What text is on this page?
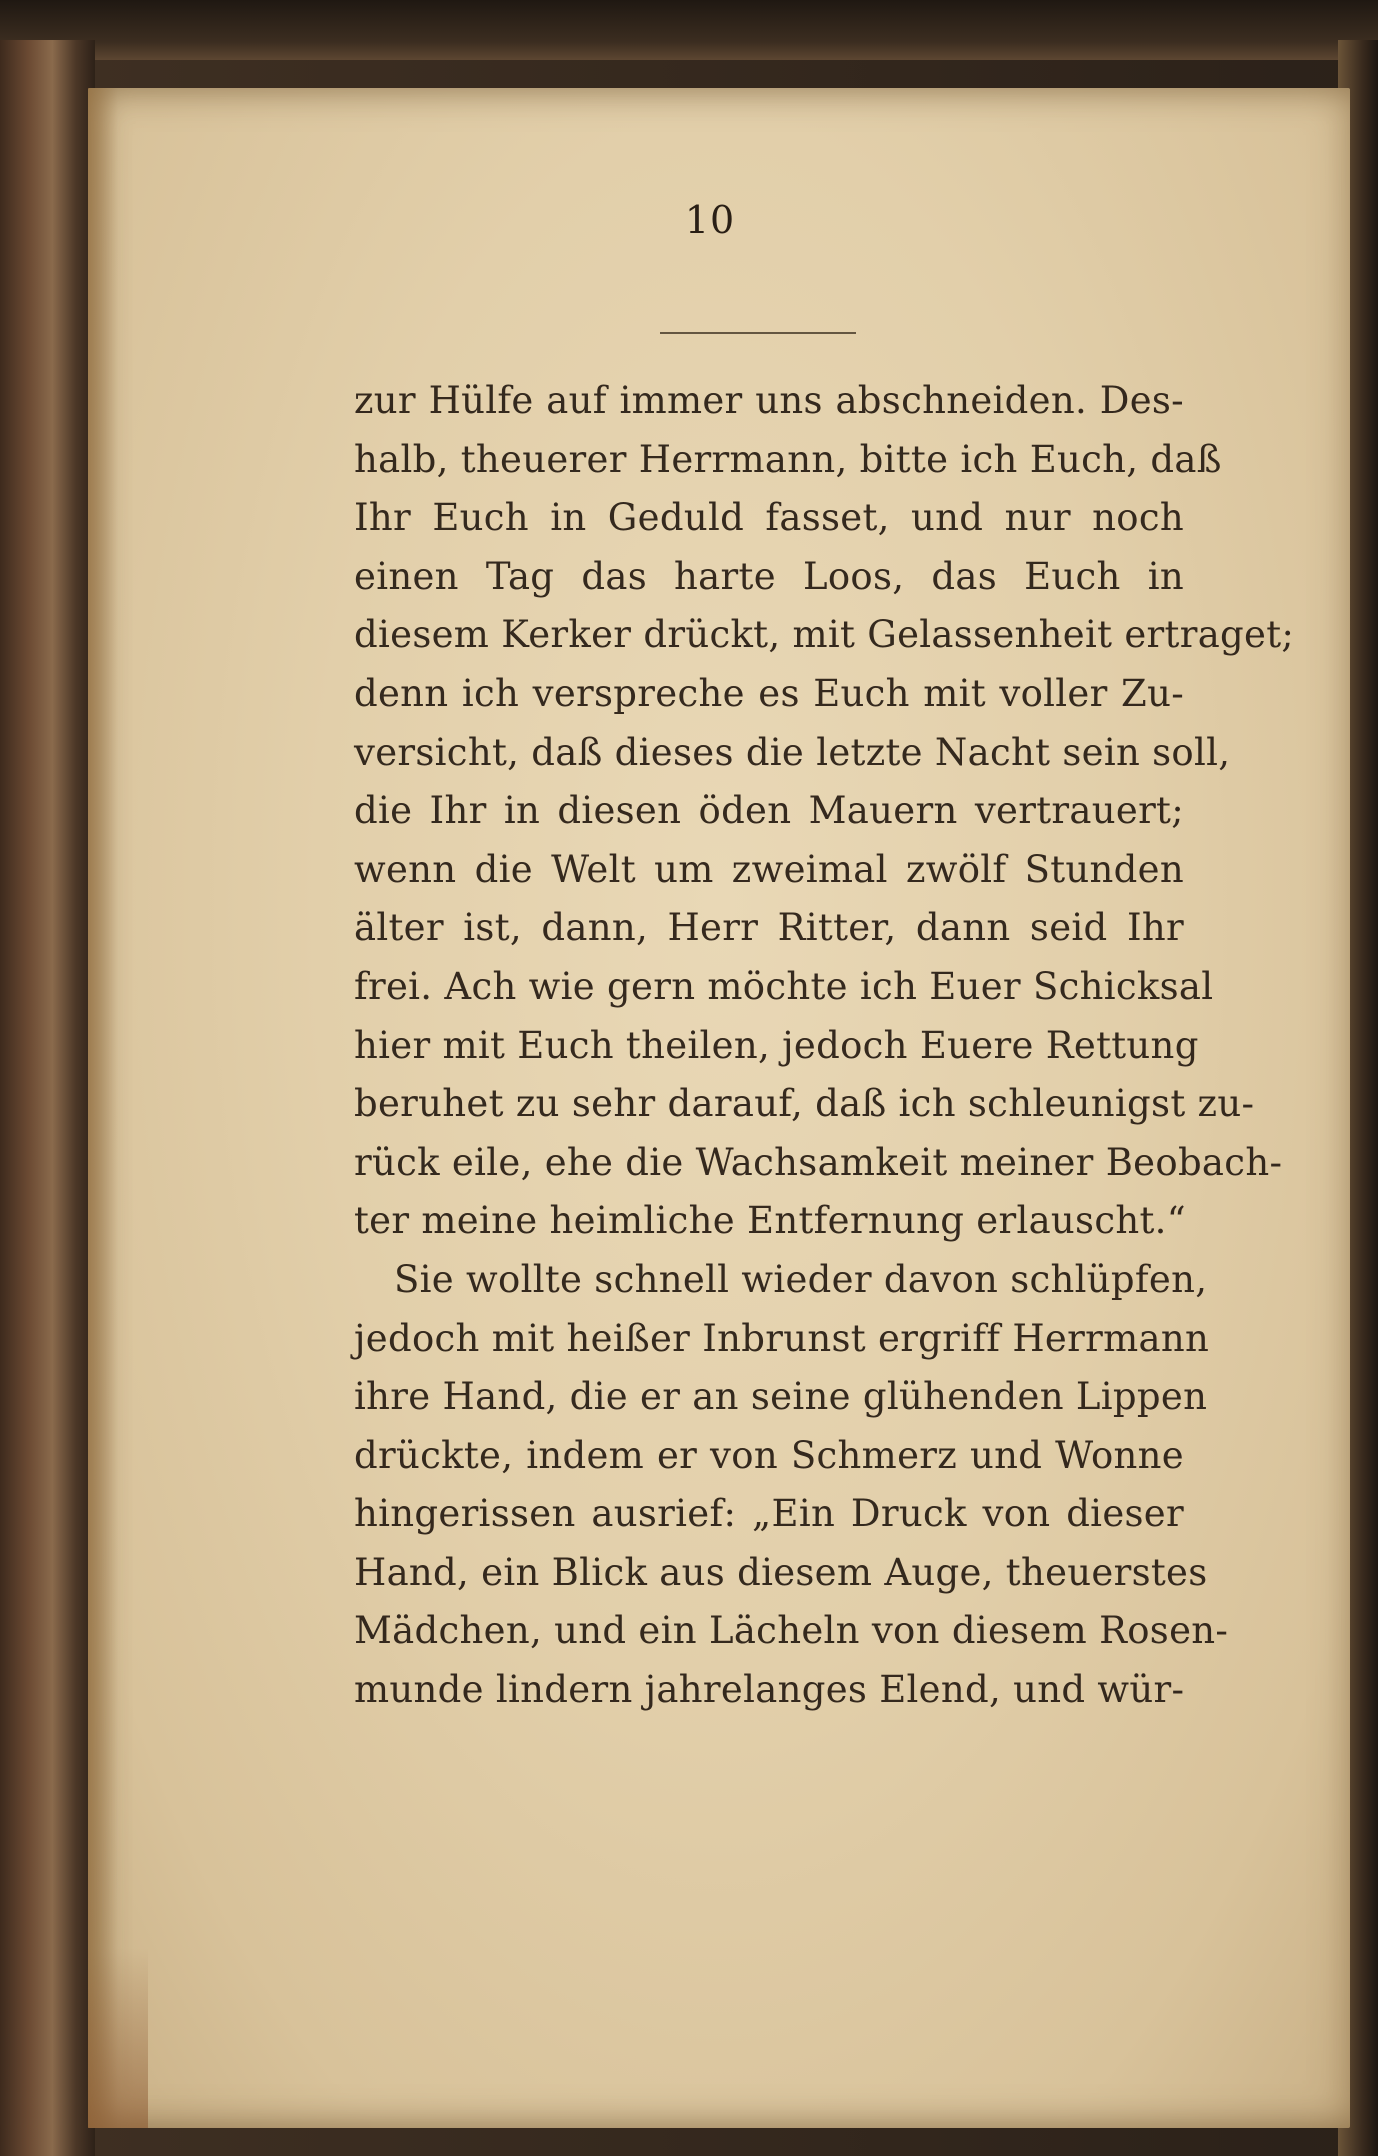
10
zur Hülfe auf immer uns abschneiden. Des-
halb, theuerer Herrmann, bitte ich Euch, daß
Ihr Euch in Geduld fasset, und nur noch
einen Tag das harte Loos, das Euch in
diesem Kerker drückt, mit Gelassenheit ertraget;
denn ich verspreche es Euch mit voller Zu-
versicht, daß dieses die letzte Nacht sein soll,
die Ihr in diesen öden Mauern vertrauert;
wenn die Welt um zweimal zwölf Stunden
älter ist, dann, Herr Ritter, dann seid Ihr
frei. Ach wie gern möchte ich Euer Schicksal
hier mit Euch theilen, jedoch Euere Rettung
beruhet zu sehr darauf, daß ich schleunigst zu-
rück eile, ehe die Wachsamkeit meiner Beobach-
ter meine heimliche Entfernung erlauscht.“
Sie wollte schnell wieder davon schlüpfen,
jedoch mit heißer Inbrunst ergriff Herrmann
ihre Hand, die er an seine glühenden Lippen
drückte, indem er von Schmerz und Wonne
hingerissen ausrief: „Ein Druck von dieser
Hand, ein Blick aus diesem Auge, theuerstes
Mädchen, und ein Lächeln von diesem Rosen-
munde lindern jahrelanges Elend, und wür-
